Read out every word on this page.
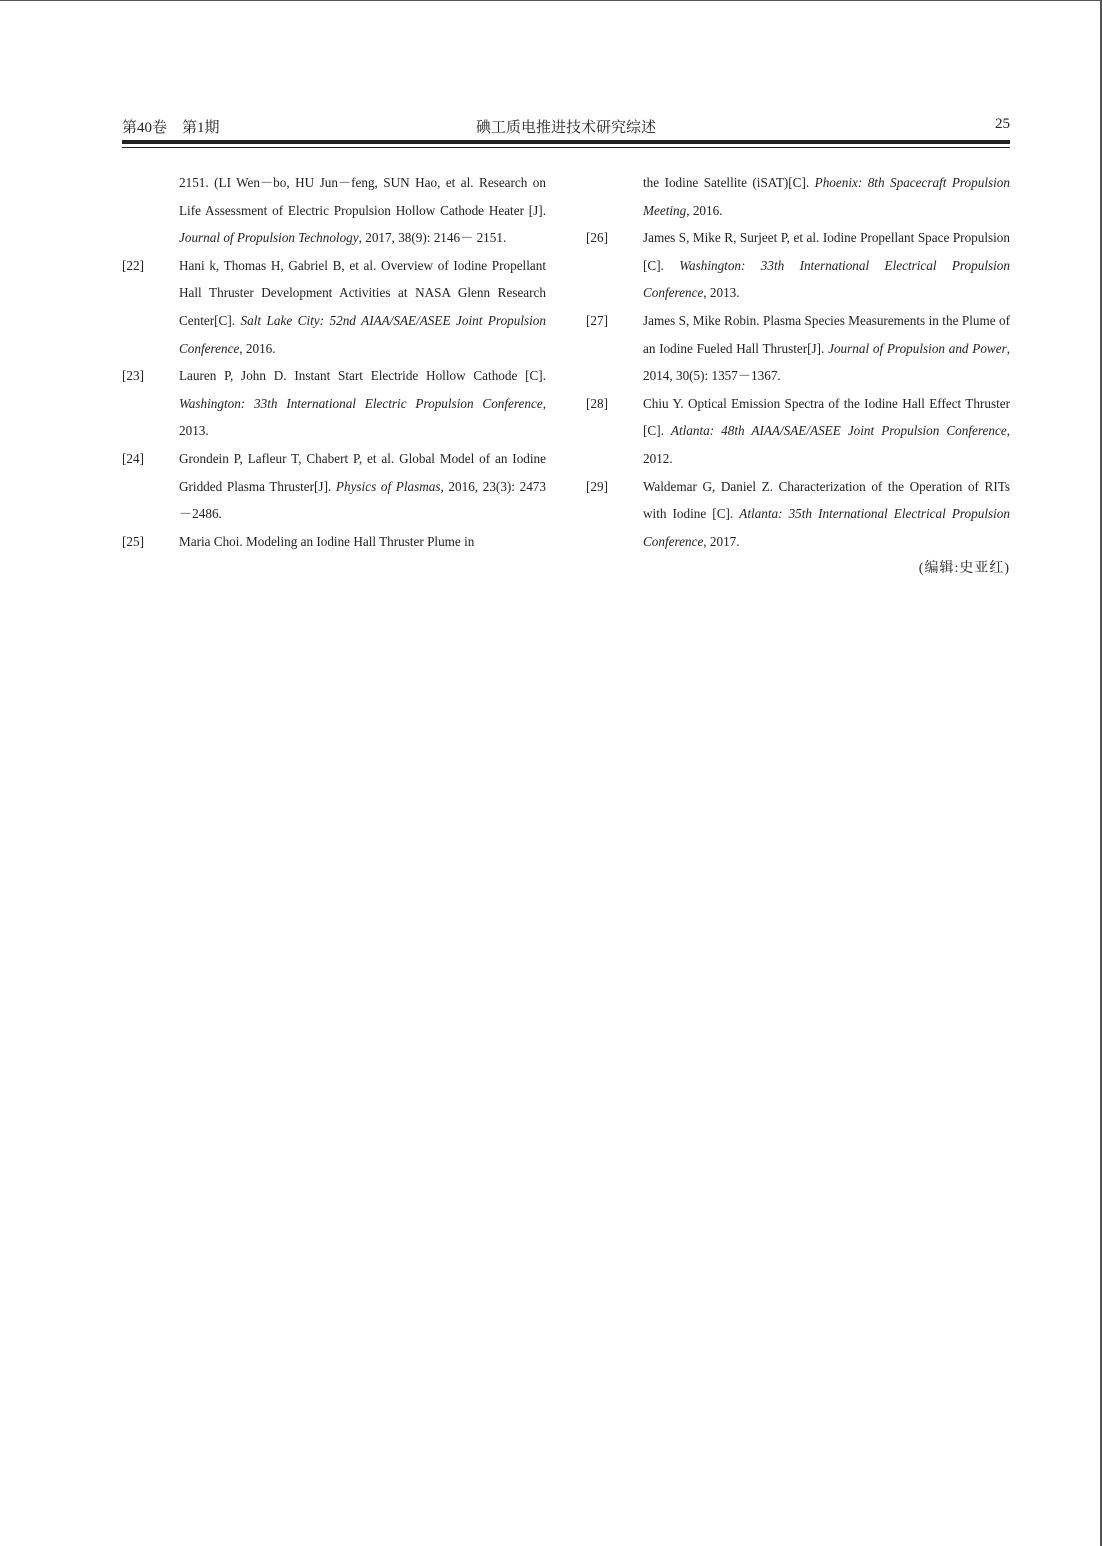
第40卷　第1期	碘工质电推进技术研究综述	25
2151. (LI Wen－bo, HU Jun－feng, SUN Hao, et al. Research on Life Assessment of Electric Propulsion Hollow Cathode Heater [J]. Journal of Propulsion Technology, 2017, 38(9): 2146－ 2151.
[22]	Hani k, Thomas H, Gabriel B, et al. Overview of Iodine Propellant Hall Thruster Development Activities at NASA Glenn Research Center[C]. Salt Lake City: 52nd AIAA/SAE/ASEE Joint Propulsion Conference, 2016.
[23]	Lauren P, John D. Instant Start Electride Hollow Cathode [C]. Washington: 33th International Electric Propulsion Conference, 2013.
[24]	Grondein P, Lafleur T, Chabert P, et al. Global Model of an Iodine Gridded Plasma Thruster[J]. Physics of Plasmas, 2016, 23(3): 2473－2486.
[25]	Maria Choi. Modeling an Iodine Hall Thruster Plume in
the Iodine Satellite (iSAT)[C]. Phoenix: 8th Spacecraft Propulsion Meeting, 2016.
[26]	James S, Mike R, Surjeet P, et al. Iodine Propellant Space Propulsion [C]. Washington: 33th International Electrical Propulsion Conference, 2013.
[27]	James S, Mike Robin. Plasma Species Measurements in the Plume of an Iodine Fueled Hall Thruster[J]. Journal of Propulsion and Power, 2014, 30(5): 1357－1367.
[28]	Chiu Y. Optical Emission Spectra of the Iodine Hall Effect Thruster [C]. Atlanta: 48th AIAA/SAE/ASEE Joint Propulsion Conference, 2012.
[29]	Waldemar G, Daniel Z. Characterization of the Operation of RITs with Iodine [C]. Atlanta: 35th International Electrical Propulsion Conference, 2017.
(编辑:史亚红)
